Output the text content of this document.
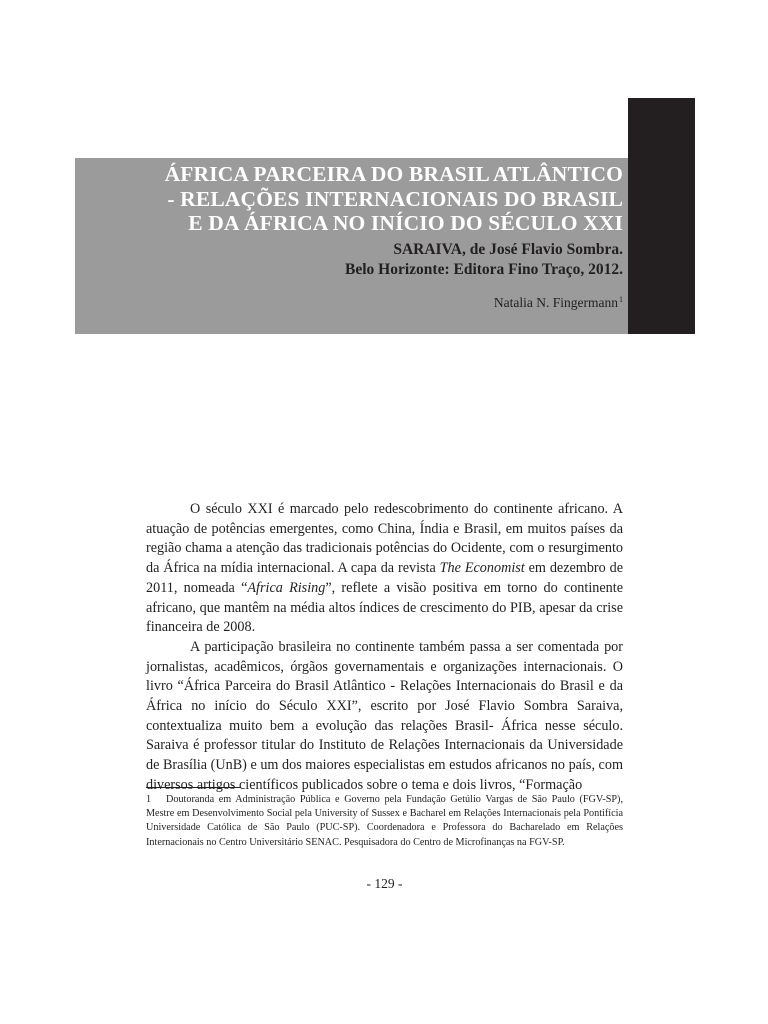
ÁFRICA PARCEIRA DO BRASIL ATLÂNTICO
- RELAÇÕES INTERNACIONAIS DO BRASIL
E DA ÁFRICA NO INÍCIO DO SÉCULO XXI
SARAIVA, de José Flavio Sombra.
Belo Horizonte: Editora Fino Traço, 2012.
Natalia N. Fingermann$^1$

O século XXI é marcado pelo redescobrimento do continente africano. A atuação de potências emergentes, como China, Índia e Brasil, em muitos países da região chama a atenção das tradicionais potências do Ocidente, com o resurgimento da África na mídia internacional. A capa da revista The Economist em dezembro de 2011, nomeada “Africa Rising”, reflete a visão positiva em torno do continente africano, que mantêm na média altos índices de crescimento do PIB, apesar da crise financeira de 2008.

A participação brasileira no continente também passa a ser comentada por jornalistas, acadêmicos, órgãos governamentais e organizações internacionais. O livro “África Parceira do Brasil Atlântico - Relações Internacionais do Brasil e da África no início do Século XXI”, escrito por José Flavio Sombra Saraiva, contextualiza muito bem a evolução das relações Brasil- África nesse século. Saraiva é professor titular do Instituto de Relações Internacionais da Universidade de Brasília (UnB) e um dos maiores especialistas em estudos africanos no país, com diversos artigos científicos publicados sobre o tema e dois livros, “Formação

1 Doutoranda em Administração Pública e Governo pela Fundação Getúlio Vargas de São Paulo (FGV-SP), Mestre em Desenvolvimento Social pela University of Sussex e Bacharel em Relações Internacionais pela Pontifícia Universidade Católica de São Paulo (PUC-SP). Coordenadora e Professora do Bacharelado em Relações Internacionais no Centro Universitário SENAC. Pesquisadora do Centro de Microfinanças na FGV-SP.
- 129 -
